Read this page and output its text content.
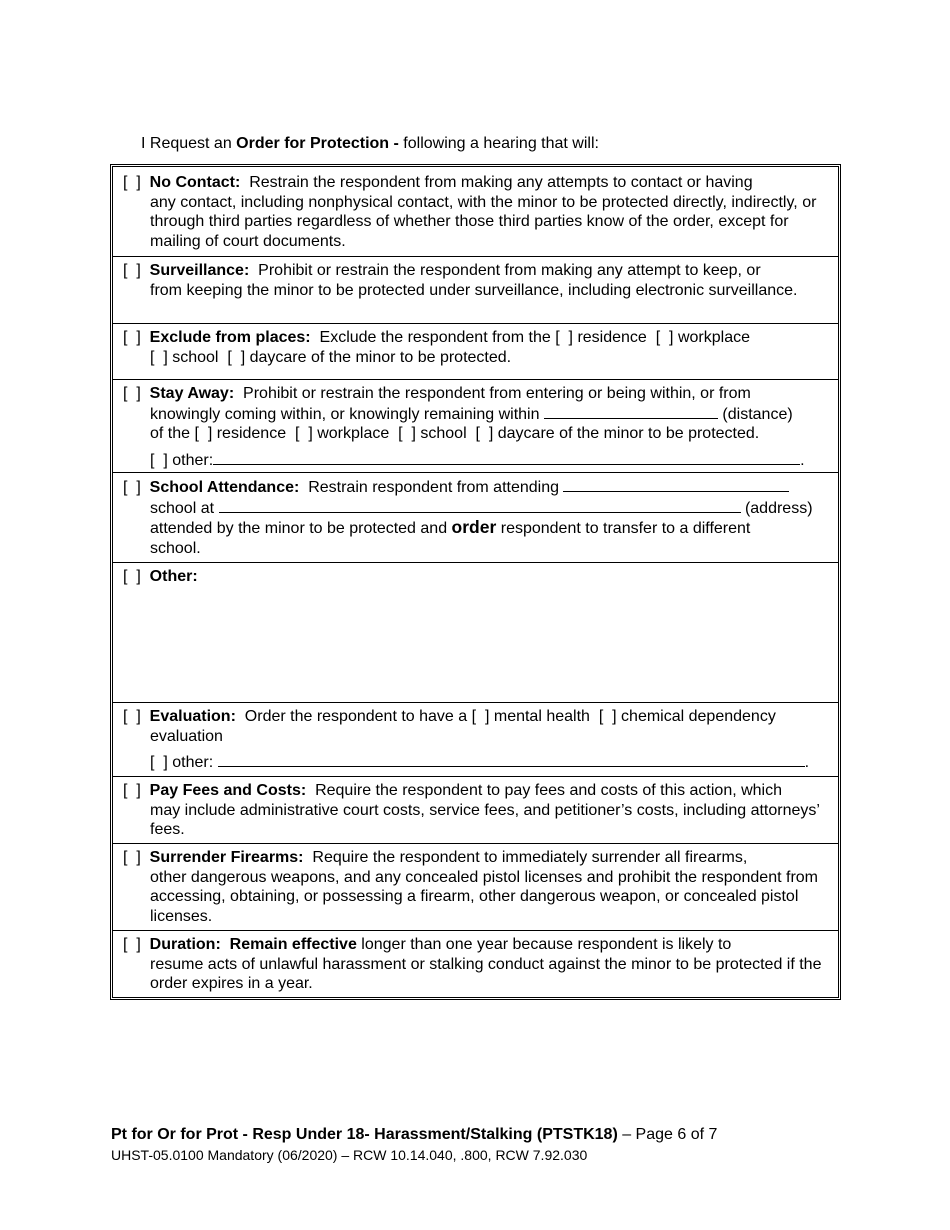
I Request an Order for Protection - following a hearing that will:
[  ] No Contact: Restrain the respondent from making any attempts to contact or having
any contact, including nonphysical contact, with the minor to be protected directly, indirectly, or through third parties regardless of whether those third parties know of the order, except for mailing of court documents.
[  ] Surveillance: Prohibit or restrain the respondent from making any attempt to keep, or
from keeping the minor to be protected under surveillance, including electronic surveillance.
[  ] Exclude from places: Exclude the respondent from the [  ] residence [  ] workplace
[  ] school [  ] daycare of the minor to be protected.
[  ] Stay Away: Prohibit or restrain the respondent from entering or being within, or from
knowingly coming within, or knowingly remaining within	(distance)
of the [  ] residence [  ] workplace [  ] school [  ] daycare of the minor to be protected.
[  ] other:	.
[  ] School Attendance: Restrain respondent from attending
school at	(address)
attended by the minor to be protected and order respondent to transfer to a different
school.
[  ] Other:
[  ] Evaluation: Order the respondent to have a [  ] mental health [  ] chemical dependency
evaluation
[  ] other:	.
[  ] Pay Fees and Costs: Require the respondent to pay fees and costs of this action, which
may include administrative court costs, service fees, and petitioner’s costs, including attorneys’ fees.
[  ] Surrender Firearms: Require the respondent to immediately surrender all firearms,
other dangerous weapons, and any concealed pistol licenses and prohibit the respondent from accessing, obtaining, or possessing a firearm, other dangerous weapon, or concealed pistol licenses.
[  ] Duration: Remain effective longer than one year because respondent is likely to
resume acts of unlawful harassment or stalking conduct against the minor to be protected if the order expires in a year.
Pt for Or for Prot - Resp Under 18- Harassment/Stalking (PTSTK18) – Page 6 of 7
UHST-05.0100 Mandatory (06/2020) – RCW 10.14.040, .800, RCW 7.92.030
